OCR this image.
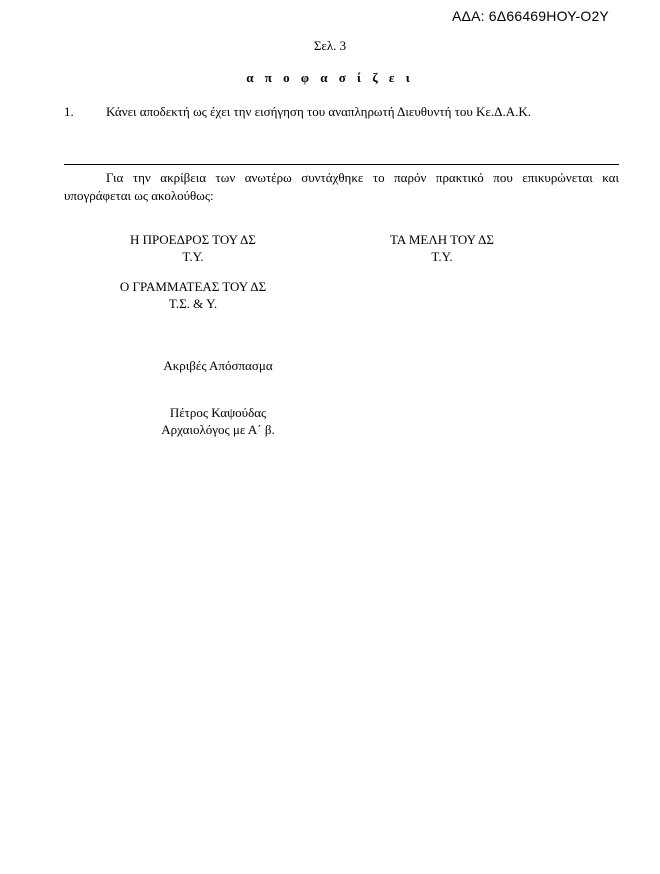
ΑΔΑ: 6Δ66469ΗΟΥ-Ο2Υ
Σελ. 3
α π ο φ α σ ί ζ ε ι
1. Κάνει αποδεκτή ως έχει την εισήγηση του αναπληρωτή Διευθυντή του Κε.Δ.Α.Κ.
Για την ακρίβεια των ανωτέρω συντάχθηκε το παρόν πρακτικό που επικυρώνεται και υπογράφεται ως ακολούθως:
Η ΠΡΟΕΔΡΟΣ ΤΟΥ ΔΣ
Τ.Υ.
ΤΑ ΜΕΛΗ ΤΟΥ ΔΣ
Τ.Υ.
Ο ΓΡΑΜΜΑΤΕΑΣ ΤΟΥ ΔΣ
Τ.Σ. & Υ.
Ακριβές Απόσπασμα
Πέτρος Καψούδας
Αρχαιολόγος με Α΄ β.
